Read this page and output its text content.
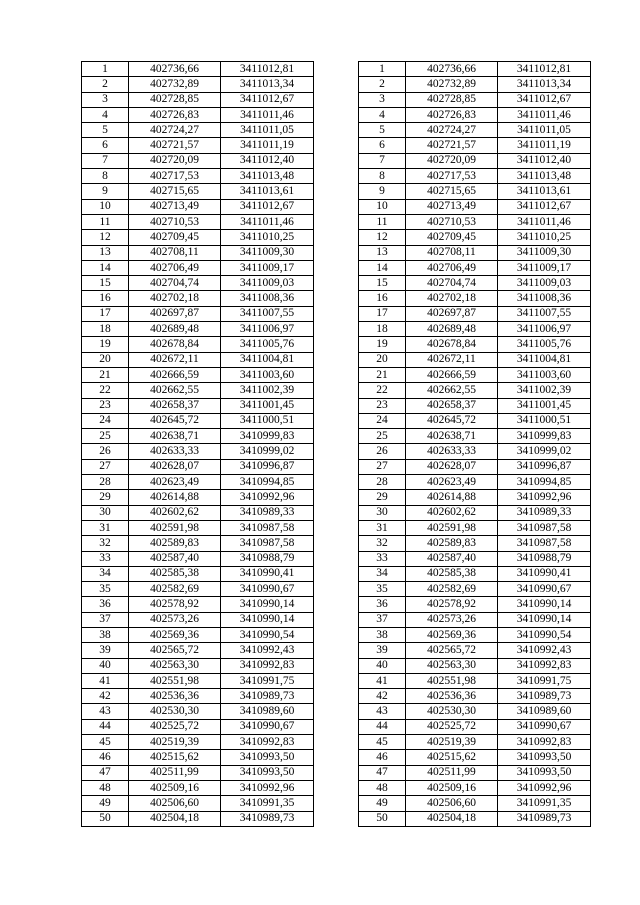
1	402736,66	3411012,81
2	402732,89	3411013,34
3	402728,85	3411012,67
4	402726,83	3411011,46
5	402724,27	3411011,05
6	402721,57	3411011,19
7	402720,09	3411012,40
8	402717,53	3411013,48
9	402715,65	3411013,61
10	402713,49	3411012,67
11	402710,53	3411011,46
12	402709,45	3411010,25
13	402708,11	3411009,30
14	402706,49	3411009,17
15	402704,74	3411009,03
16	402702,18	3411008,36
17	402697,87	3411007,55
18	402689,48	3411006,97
19	402678,84	3411005,76
20	402672,11	3411004,81
21	402666,59	3411003,60
22	402662,55	3411002,39
23	402658,37	3411001,45
24	402645,72	3411000,51
25	402638,71	3410999,83
26	402633,33	3410999,02
27	402628,07	3410996,87
28	402623,49	3410994,85
29	402614,88	3410992,96
30	402602,62	3410989,33
31	402591,98	3410987,58
32	402589,83	3410987,58
33	402587,40	3410988,79
34	402585,38	3410990,41
35	402582,69	3410990,67
36	402578,92	3410990,14
37	402573,26	3410990,14
38	402569,36	3410990,54
39	402565,72	3410992,43
40	402563,30	3410992,83
41	402551,98	3410991,75
42	402536,36	3410989,73
43	402530,30	3410989,60
44	402525,72	3410990,67
45	402519,39	3410992,83
46	402515,62	3410993,50
47	402511,99	3410993,50
48	402509,16	3410992,96
49	402506,60	3410991,35
50	402504,18	3410989,73
1	402736,66	3411012,81
2	402732,89	3411013,34
3	402728,85	3411012,67
4	402726,83	3411011,46
5	402724,27	3411011,05
6	402721,57	3411011,19
7	402720,09	3411012,40
8	402717,53	3411013,48
9	402715,65	3411013,61
10	402713,49	3411012,67
11	402710,53	3411011,46
12	402709,45	3411010,25
13	402708,11	3411009,30
14	402706,49	3411009,17
15	402704,74	3411009,03
16	402702,18	3411008,36
17	402697,87	3411007,55
18	402689,48	3411006,97
19	402678,84	3411005,76
20	402672,11	3411004,81
21	402666,59	3411003,60
22	402662,55	3411002,39
23	402658,37	3411001,45
24	402645,72	3411000,51
25	402638,71	3410999,83
26	402633,33	3410999,02
27	402628,07	3410996,87
28	402623,49	3410994,85
29	402614,88	3410992,96
30	402602,62	3410989,33
31	402591,98	3410987,58
32	402589,83	3410987,58
33	402587,40	3410988,79
34	402585,38	3410990,41
35	402582,69	3410990,67
36	402578,92	3410990,14
37	402573,26	3410990,14
38	402569,36	3410990,54
39	402565,72	3410992,43
40	402563,30	3410992,83
41	402551,98	3410991,75
42	402536,36	3410989,73
43	402530,30	3410989,60
44	402525,72	3410990,67
45	402519,39	3410992,83
46	402515,62	3410993,50
47	402511,99	3410993,50
48	402509,16	3410992,96
49	402506,60	3410991,35
50	402504,18	3410989,73
